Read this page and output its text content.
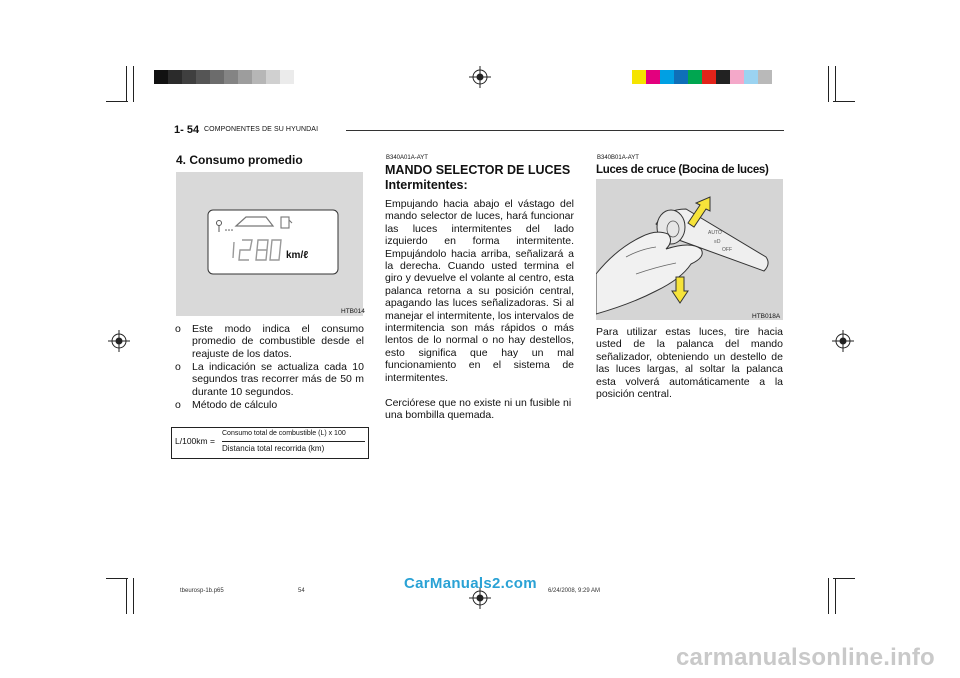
1- 54 COMPONENTES DE SU HYUNDAI
4. Consumo promedio
km/ℓ
HTB014
o Este modo indica el consumo promedio de combustible desde el reajuste de los datos.
o La indicación se actualiza cada 10 segundos tras recorrer más de 50 m durante 10 segundos.
o Método de cálculo
L/100km =
Consumo total de combustible (L) x 100
Distancia total recorrida (km)
B340A01A-AYT
MANDO SELECTOR DE LUCES
Intermitentes:
Empujando hacia abajo el vástago del mando selector de luces, hará funcionar las luces intermitentes del lado izquierdo en forma intermitente. Empujándolo hacia arriba, señalizará a la derecha. Cuando usted termina el giro y devuelve el volante al centro, esta palanca retorna a su posición central, apagando las luces señalizadoras. Si al manejar el intermitente, los intervalos de intermitencia son más rápidos o más lentos de lo normal o no hay destellos, esto significa que hay un mal funcionamiento en el sistema de intermitentes.
Cerciórese que no existe ni un fusible ni una bombilla quemada.
B340B01A-AYT
Luces de cruce (Bocina de luces)
AUTO
≡D
OFF
HTB018A
Para utilizar estas luces, tire hacia usted de la palanca del mando señalizador, obteniendo un destello de las luces largas, al soltar la palanca esta volverá automáticamente a la posición central.
tbeurosp-1b.p65	54	6/24/2008, 9:29 AM
CarManuals2.com
carmanualsonline.info
